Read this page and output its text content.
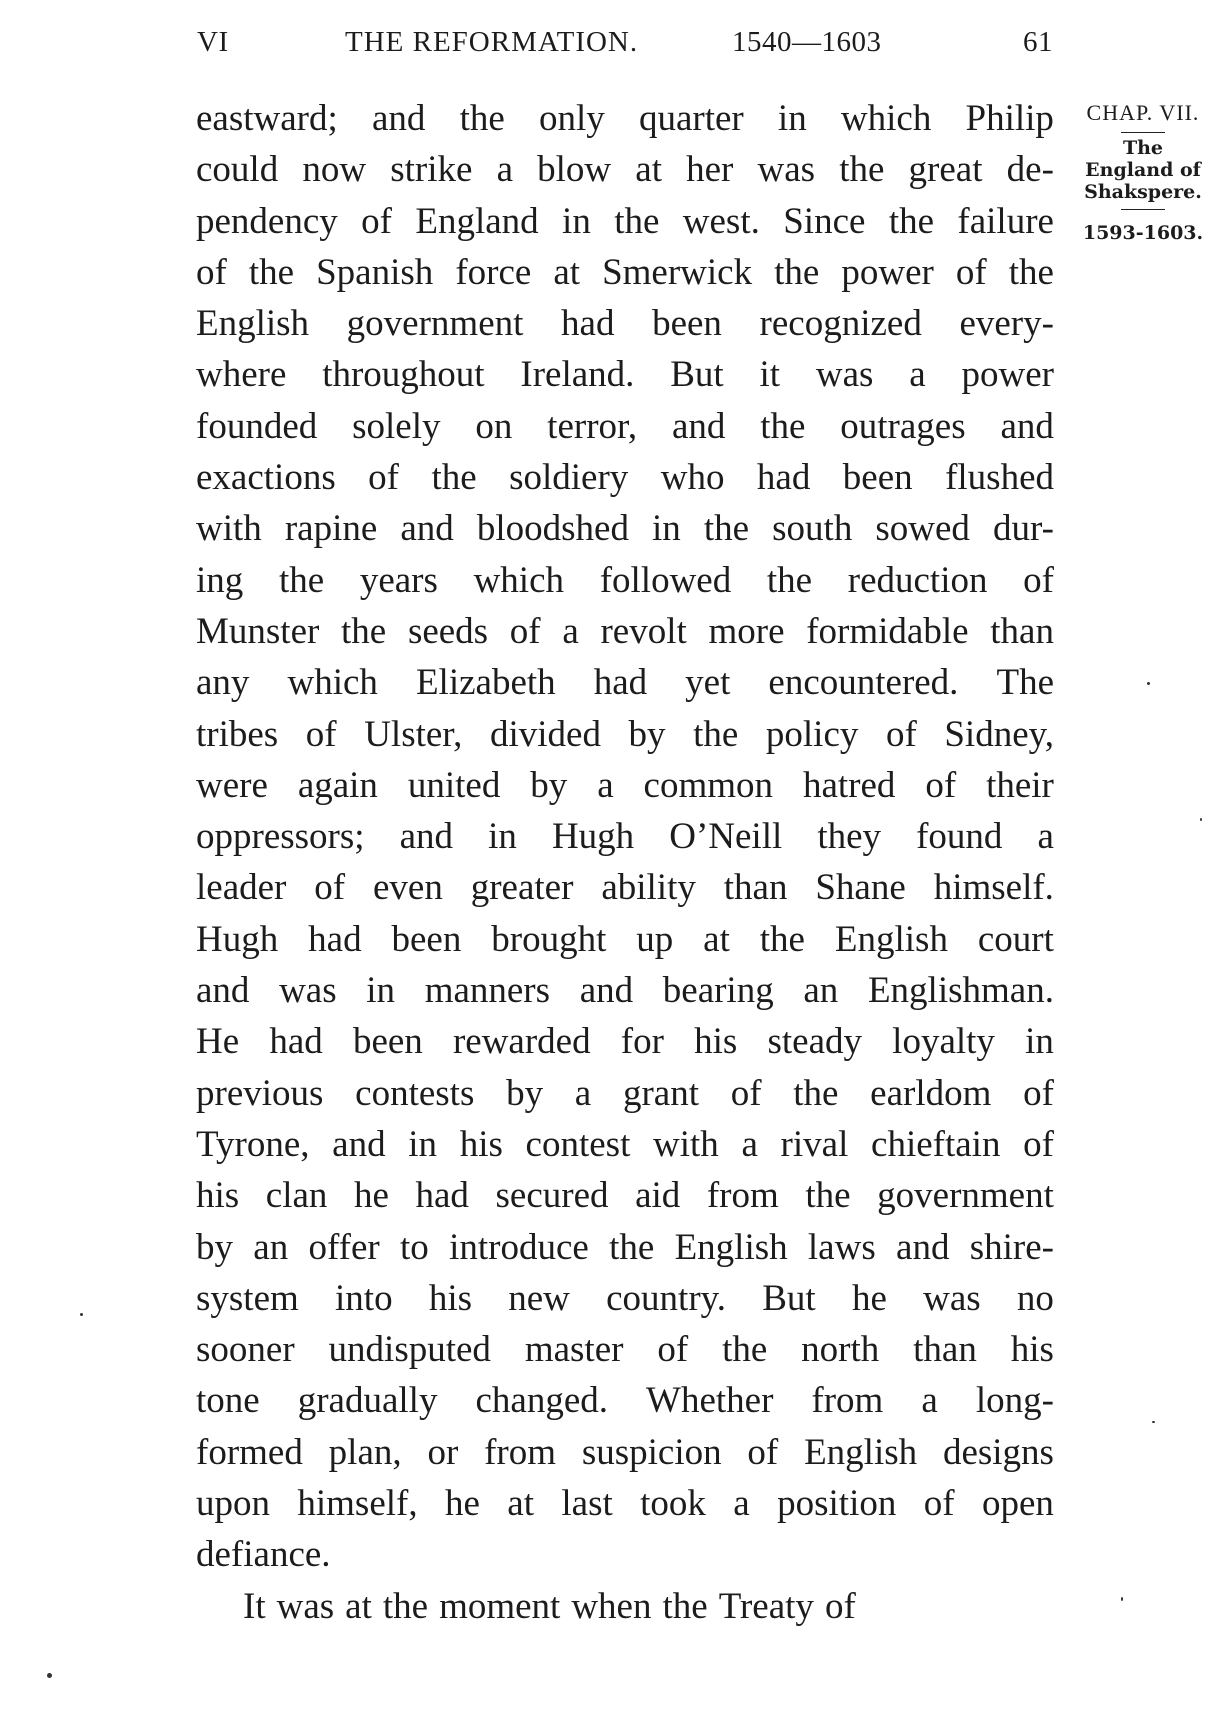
VI	THE REFORMATION.	1540—1603	61
eastward; and the only quarter in which Philip
could now strike a blow at her was the great de-
pendency of England in the west. Since the failure
of the Spanish force at Smerwick the power of the
English government had been recognized every-
where throughout Ireland. But it was a power
founded solely on terror, and the outrages and
exactions of the soldiery who had been flushed
with rapine and bloodshed in the south sowed dur-
ing the years which followed the reduction of
Munster the seeds of a revolt more formidable than
any which Elizabeth had yet encountered. The
tribes of Ulster, divided by the policy of Sidney,
were again united by a common hatred of their
oppressors; and in Hugh O’Neill they found a
leader of even greater ability than Shane himself.
Hugh had been brought up at the English court
and was in manners and bearing an Englishman.
He had been rewarded for his steady loyalty in
previous contests by a grant of the earldom of
Tyrone, and in his contest with a rival chieftain of
his clan he had secured aid from the government
by an offer to introduce the English laws and shire-
system into his new country. But he was no
sooner undisputed master of the north than his
tone gradually changed. Whether from a long-
formed plan, or from suspicion of English designs
upon himself, he at last took a position of open
defiance.
It was at the moment when the Treaty of
CHAP. VII.
The
England of
Shakspere.
1593-1603.
